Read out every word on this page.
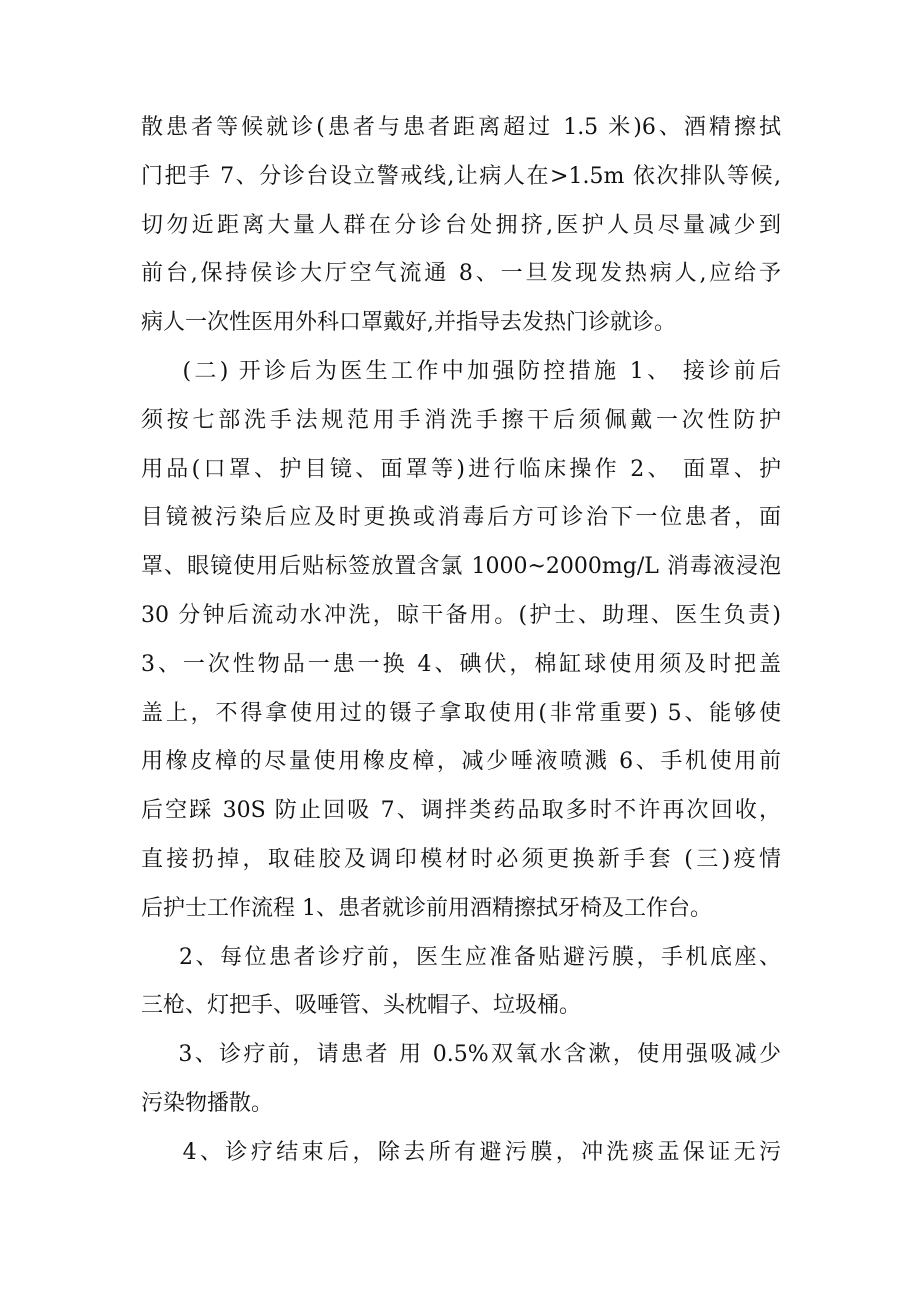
散患者等候就诊(患者与患者距离超过 1.5 米)6、酒精擦拭
门把手 7、分诊台设立警戒线,让病人在>1.5m 依次排队等候,
切勿近距离大量人群在分诊台处拥挤,医护人员尽量减少到
前台,保持侯诊大厅空气流通 8、一旦发现发热病人,应给予
病人一次性医用外科口罩戴好,并指导去发热门诊就诊。
(二) 开诊后为医生工作中加强防控措施 1、 接诊前后
须按七部洗手法规范用手消洗手擦干后须佩戴一次性防护
用品(口罩、护目镜、面罩等)进行临床操作 2、 面罩、护
目镜被污染后应及时更换或消毒后方可诊治下一位患者，面
罩、眼镜使用后贴标签放置含氯 1000~2000mg/L 消毒液浸泡
30 分钟后流动水冲洗，晾干备用。(护士、助理、医生负责)
3、一次性物品一患一换 4、碘伏，棉缸球使用须及时把盖
盖上，不得拿使用过的镊子拿取使用(非常重要) 5、能够使
用橡皮樟的尽量使用橡皮樟，减少唾液喷溅 6、手机使用前
后空踩 30S 防止回吸 7、调拌类药品取多时不许再次回收，
直接扔掉，取硅胶及调印模材时必须更换新手套 (三)疫情
后护士工作流程 1、患者就诊前用酒精擦拭牙椅及工作台。
2、每位患者诊疗前，医生应准备贴避污膜，手机底座、
三枪、灯把手、吸唾管、头枕帽子、垃圾桶。
3、诊疗前，请患者 用 0.5%双氧水含漱，使用强吸减少
污染物播散。
4、诊疗结束后，除去所有避污膜，冲洗痰盂保证无污
